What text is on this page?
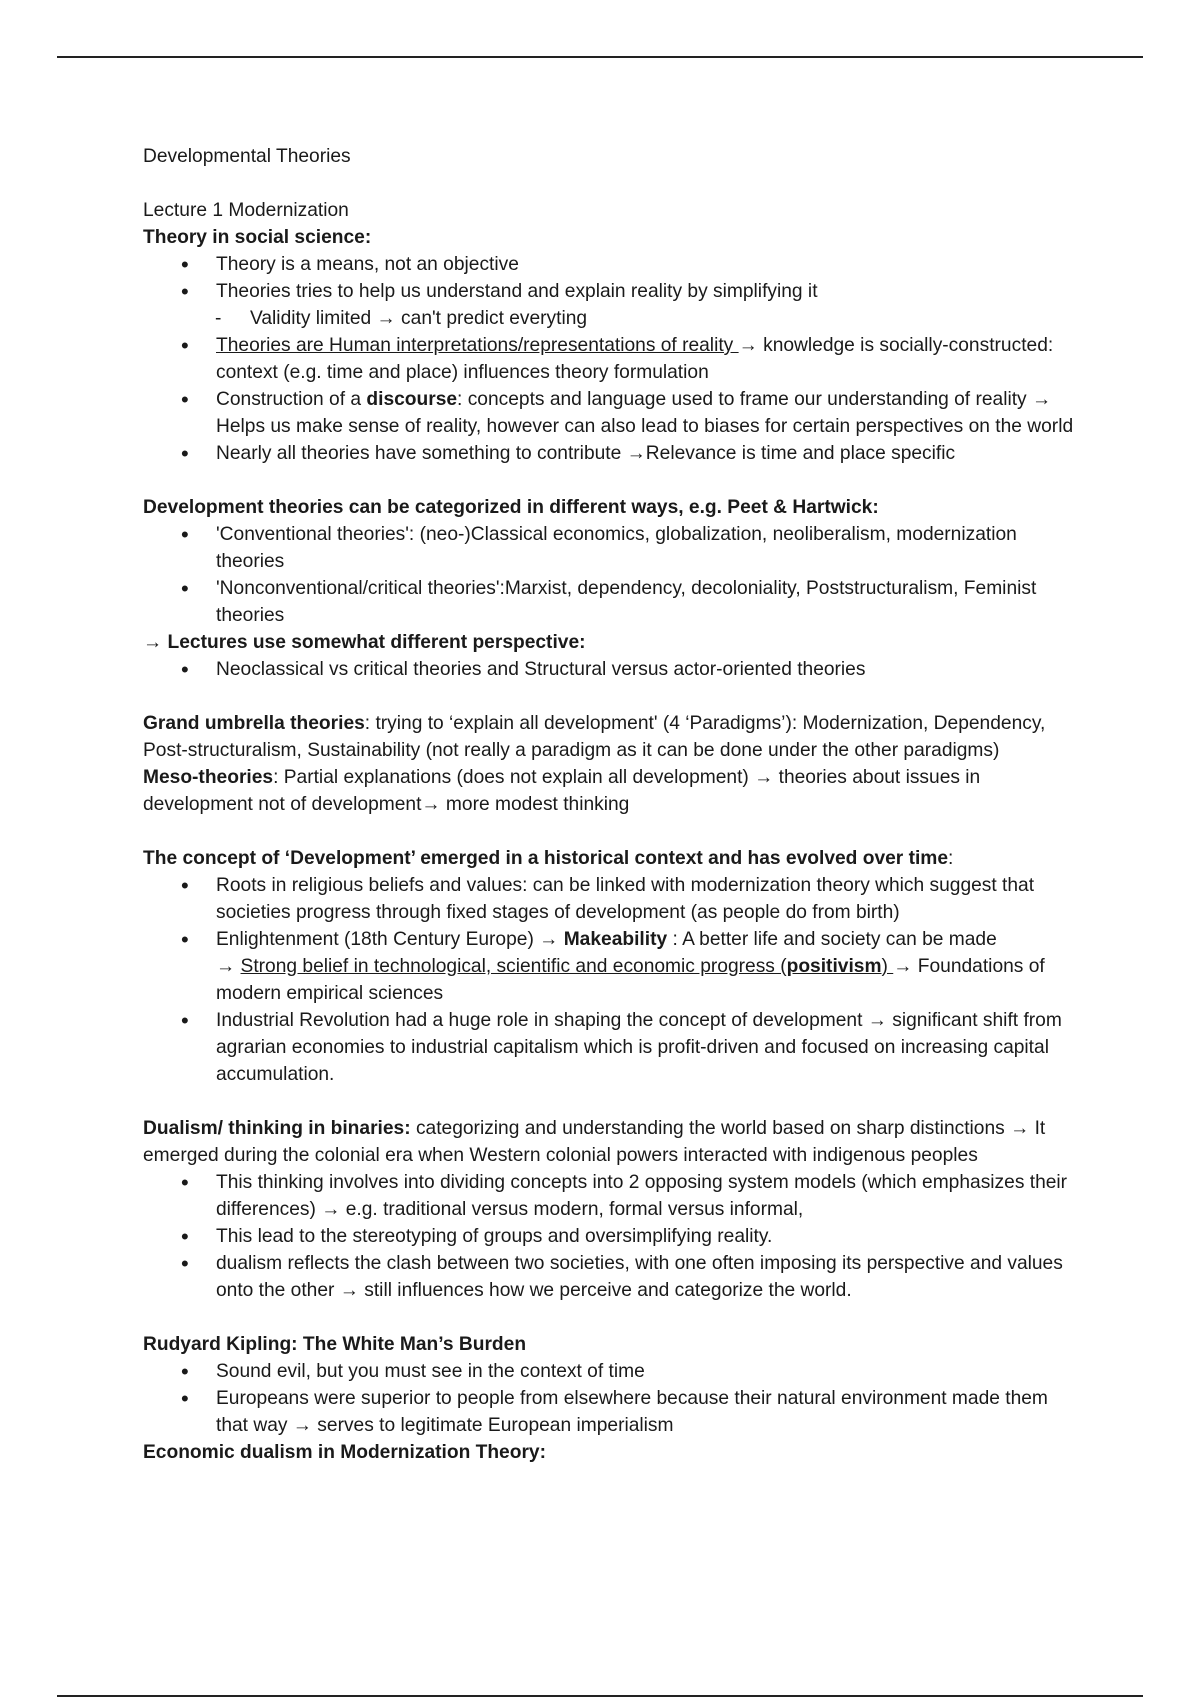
Developmental Theories

Lecture 1 Modernization

Theory in social science:

• Theory is a means, not an objective
• Theories tries to help us understand and explain reality by simplifying it

- Validity limited → can't predict everyting

• Theories are Human interpretations/representations of reality → knowledge is socially-constructed: context (e.g. time and place) influences theory formulation
• Construction of a discourse: concepts and language used to frame our understanding of reality → Helps us make sense of reality, however can also lead to biases for certain perspectives on the world
• Nearly all theories have something to contribute →Relevance is time and place specific

Development theories can be categorized in different ways, e.g. Peet & Hartwick:

• 'Conventional theories': (neo-)Classical economics, globalization, neoliberalism, modernization theories
• 'Nonconventional/critical theories':Marxist, dependency, decoloniality, Poststructuralism, Feminist theories

→ Lectures use somewhat different perspective:

• Neoclassical vs critical theories and Structural versus actor-oriented theories

Grand umbrella theories: trying to ‘explain all development' (4 ‘Paradigms’): Modernization, Dependency, Post-structuralism, Sustainability (not really a paradigm as it can be done under the other paradigms)

Meso-theories: Partial explanations (does not explain all development) → theories about issues in development not of development→ more modest thinking

The concept of ‘Development’ emerged in a historical context and has evolved over time:

• Roots in religious beliefs and values: can be linked with modernization theory which suggest that societies progress through fixed stages of development (as people do from birth)
• Enlightenment (18th Century Europe) → Makeability : A better life and society can be made
→ Strong belief in technological, scientific and economic progress (positivism) → Foundations of modern empirical sciences
• Industrial Revolution had a huge role in shaping the concept of development → significant shift from agrarian economies to industrial capitalism which is profit-driven and focused on increasing capital accumulation.

Dualism/ thinking in binaries: categorizing and understanding the world based on sharp distinctions → It emerged during the colonial era when Western colonial powers interacted with indigenous peoples

• This thinking involves into dividing concepts into 2 opposing system models (which emphasizes their differences) → e.g. traditional versus modern, formal versus informal,
• This lead to the stereotyping of groups and oversimplifying reality.
• dualism reflects the clash between two societies, with one often imposing its perspective and values onto the other → still influences how we perceive and categorize the world.

Rudyard Kipling: The White Man’s Burden

• Sound evil, but you must see in the context of time
• Europeans were superior to people from elsewhere because their natural environment made them that way → serves to legitimate European imperialism

Economic dualism in Modernization Theory:
